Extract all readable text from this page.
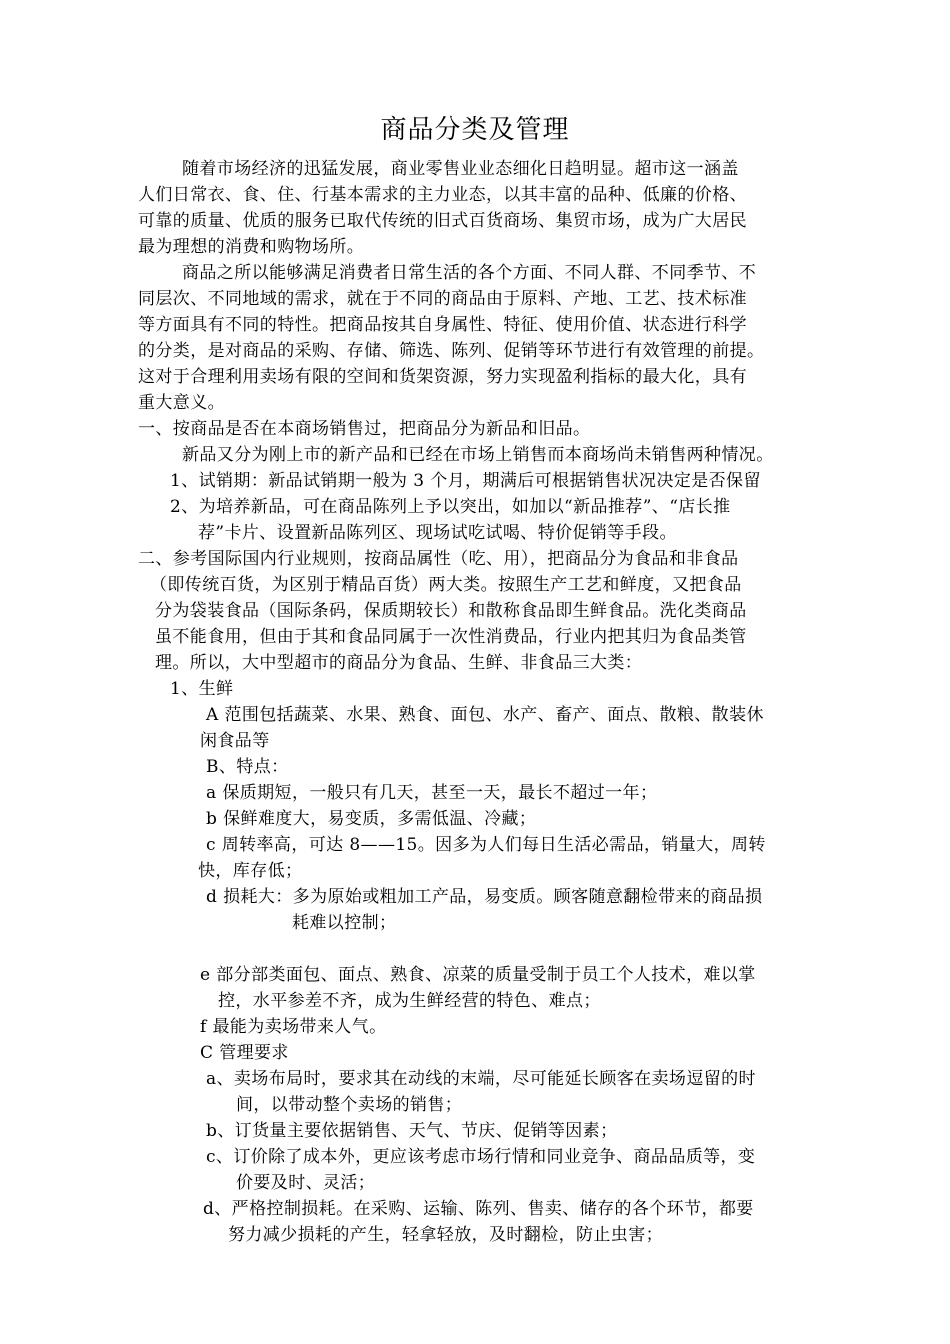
商品分类及管理
随着市场经济的迅猛发展，商业零售业业态细化日趋明显。超市这一涵盖
人们日常衣、食、住、行基本需求的主力业态，以其丰富的品种、低廉的价格、
可靠的质量、优质的服务已取代传统的旧式百货商场、集贸市场，成为广大居民
最为理想的消费和购物场所。
商品之所以能够满足消费者日常生活的各个方面、不同人群、不同季节、不
同层次、不同地域的需求，就在于不同的商品由于原料、产地、工艺、技术标准
等方面具有不同的特性。把商品按其自身属性、特征、使用价值、状态进行科学
的分类，是对商品的采购、存储、筛选、陈列、促销等环节进行有效管理的前提。
这对于合理利用卖场有限的空间和货架资源，努力实现盈利指标的最大化，具有
重大意义。
一、按商品是否在本商场销售过，把商品分为新品和旧品。
新品又分为刚上市的新产品和已经在市场上销售而本商场尚未销售两种情况。
1、试销期：新品试销期一般为 3 个月，期满后可根据销售状况决定是否保留
2、为培养新品，可在商品陈列上予以突出，如加以“新品推荐”、“店长推
荐”卡片、设置新品陈列区、现场试吃试喝、特价促销等手段。
二、参考国际国内行业规则，按商品属性（吃、用），把商品分为食品和非食品
（即传统百货，为区别于精品百货）两大类。按照生产工艺和鲜度，又把食品
分为袋装食品（国际条码，保质期较长）和散称食品即生鲜食品。洗化类商品
虽不能食用，但由于其和食品同属于一次性消费品，行业内把其归为食品类管
理。所以，大中型超市的商品分为食品、生鲜、非食品三大类：
1、生鲜
A 范围包括蔬菜、水果、熟食、面包、水产、畜产、面点、散粮、散装休
闲食品等
B、特点：
a 保质期短，一般只有几天，甚至一天，最长不超过一年；
b 保鲜难度大，易变质，多需低温、冷藏；
c 周转率高，可达 8——15。因多为人们每日生活必需品，销量大，周转
快，库存低；
d 损耗大：多为原始或粗加工产品，易变质。顾客随意翻检带来的商品损
耗难以控制；
e 部分部类面包、面点、熟食、凉菜的质量受制于员工个人技术，难以掌
控，水平参差不齐，成为生鲜经营的特色、难点；
f 最能为卖场带来人气。
C 管理要求
a、卖场布局时，要求其在动线的末端，尽可能延长顾客在卖场逗留的时
间，以带动整个卖场的销售；
b、订货量主要依据销售、天气、节庆、促销等因素；
c、订价除了成本外，更应该考虑市场行情和同业竞争、商品品质等，变
价要及时、灵活；
d、严格控制损耗。在采购、运输、陈列、售卖、储存的各个环节，都要
努力减少损耗的产生，轻拿轻放，及时翻检，防止虫害；
